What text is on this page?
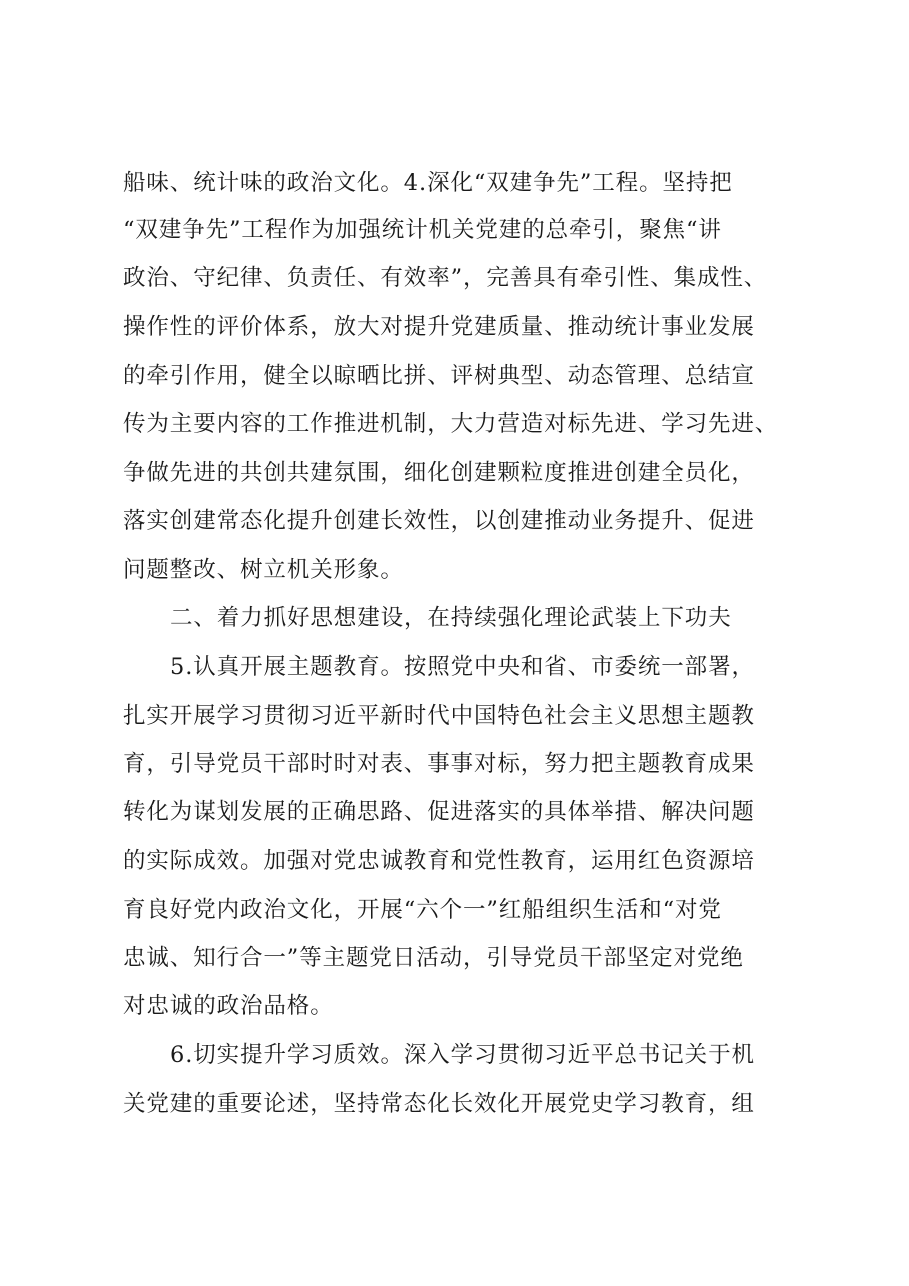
船味、统计味的政治文化。4.深化“双建争先”工程。坚持把
“双建争先”工程作为加强统计机关党建的总牵引，聚焦“讲
政治、守纪律、负责任、有效率”，完善具有牵引性、集成性、
操作性的评价体系，放大对提升党建质量、推动统计事业发展
的牵引作用，健全以晾晒比拼、评树典型、动态管理、总结宣
传为主要内容的工作推进机制，大力营造对标先进、学习先进、
争做先进的共创共建氛围，细化创建颗粒度推进创建全员化，
落实创建常态化提升创建长效性，以创建推动业务提升、促进
问题整改、树立机关形象。
二、着力抓好思想建设，在持续强化理论武装上下功夫
5.认真开展主题教育。按照党中央和省、市委统一部署，
扎实开展学习贯彻习近平新时代中国特色社会主义思想主题教
育，引导党员干部时时对表、事事对标，努力把主题教育成果
转化为谋划发展的正确思路、促进落实的具体举措、解决问题
的实际成效。加强对党忠诚教育和党性教育，运用红色资源培
育良好党内政治文化，开展“六个一”红船组织生活和“对党
忠诚、知行合一”等主题党日活动，引导党员干部坚定对党绝
对忠诚的政治品格。
6.切实提升学习质效。深入学习贯彻习近平总书记关于机
关党建的重要论述，坚持常态化长效化开展党史学习教育，组
